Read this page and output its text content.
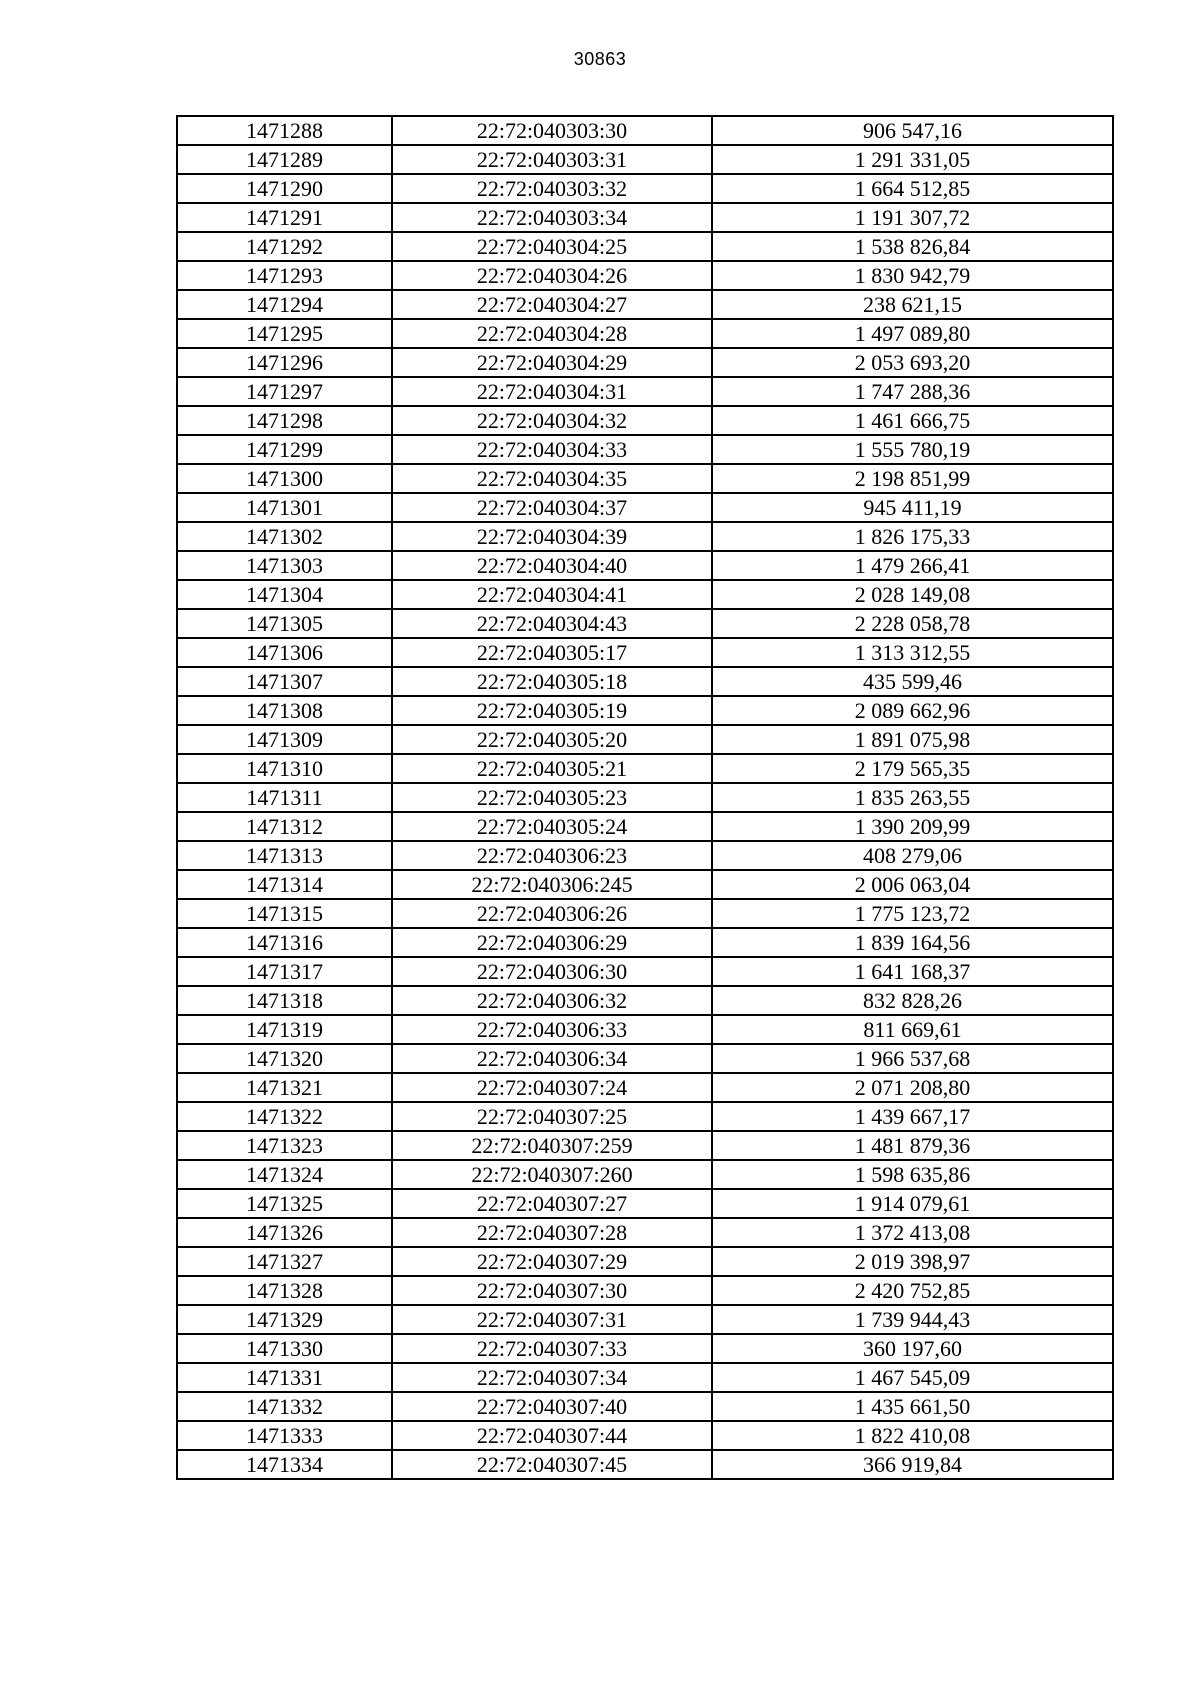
30863
1471288	22:72:040303:30	906 547,16
1471289	22:72:040303:31	1 291 331,05
1471290	22:72:040303:32	1 664 512,85
1471291	22:72:040303:34	1 191 307,72
1471292	22:72:040304:25	1 538 826,84
1471293	22:72:040304:26	1 830 942,79
1471294	22:72:040304:27	238 621,15
1471295	22:72:040304:28	1 497 089,80
1471296	22:72:040304:29	2 053 693,20
1471297	22:72:040304:31	1 747 288,36
1471298	22:72:040304:32	1 461 666,75
1471299	22:72:040304:33	1 555 780,19
1471300	22:72:040304:35	2 198 851,99
1471301	22:72:040304:37	945 411,19
1471302	22:72:040304:39	1 826 175,33
1471303	22:72:040304:40	1 479 266,41
1471304	22:72:040304:41	2 028 149,08
1471305	22:72:040304:43	2 228 058,78
1471306	22:72:040305:17	1 313 312,55
1471307	22:72:040305:18	435 599,46
1471308	22:72:040305:19	2 089 662,96
1471309	22:72:040305:20	1 891 075,98
1471310	22:72:040305:21	2 179 565,35
1471311	22:72:040305:23	1 835 263,55
1471312	22:72:040305:24	1 390 209,99
1471313	22:72:040306:23	408 279,06
1471314	22:72:040306:245	2 006 063,04
1471315	22:72:040306:26	1 775 123,72
1471316	22:72:040306:29	1 839 164,56
1471317	22:72:040306:30	1 641 168,37
1471318	22:72:040306:32	832 828,26
1471319	22:72:040306:33	811 669,61
1471320	22:72:040306:34	1 966 537,68
1471321	22:72:040307:24	2 071 208,80
1471322	22:72:040307:25	1 439 667,17
1471323	22:72:040307:259	1 481 879,36
1471324	22:72:040307:260	1 598 635,86
1471325	22:72:040307:27	1 914 079,61
1471326	22:72:040307:28	1 372 413,08
1471327	22:72:040307:29	2 019 398,97
1471328	22:72:040307:30	2 420 752,85
1471329	22:72:040307:31	1 739 944,43
1471330	22:72:040307:33	360 197,60
1471331	22:72:040307:34	1 467 545,09
1471332	22:72:040307:40	1 435 661,50
1471333	22:72:040307:44	1 822 410,08
1471334	22:72:040307:45	366 919,84
